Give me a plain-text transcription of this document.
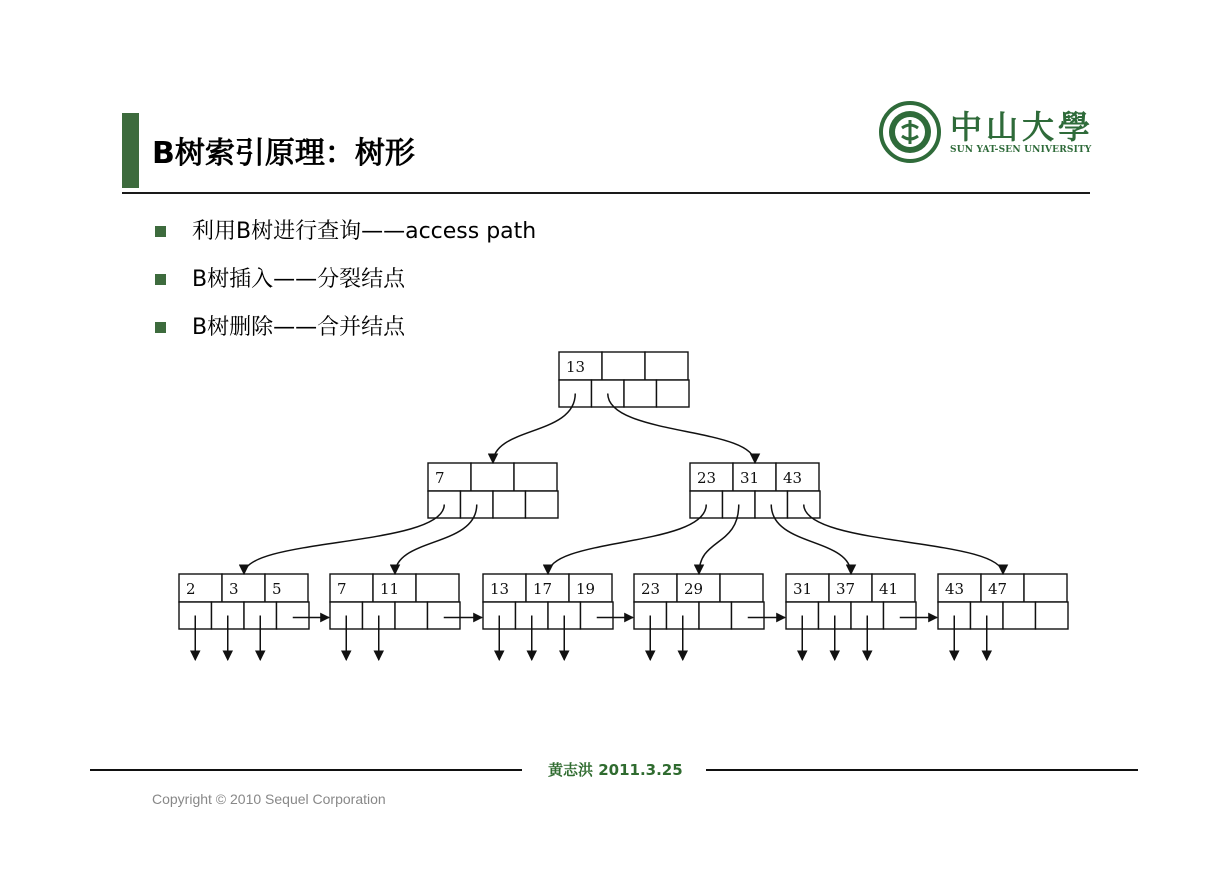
B树索引原理：树形
中山大學
SUN YAT-SEN UNIVERSITY
利用B树进行查询——access path
B树插入——分裂结点
B树删除——合并结点
13
7	23 31 43
2 3 5	7 11	13 17 19	23 29	31 37 41	43 47
黄志洪 2011.3.25
Copyright © 2010 Sequel Corporation
